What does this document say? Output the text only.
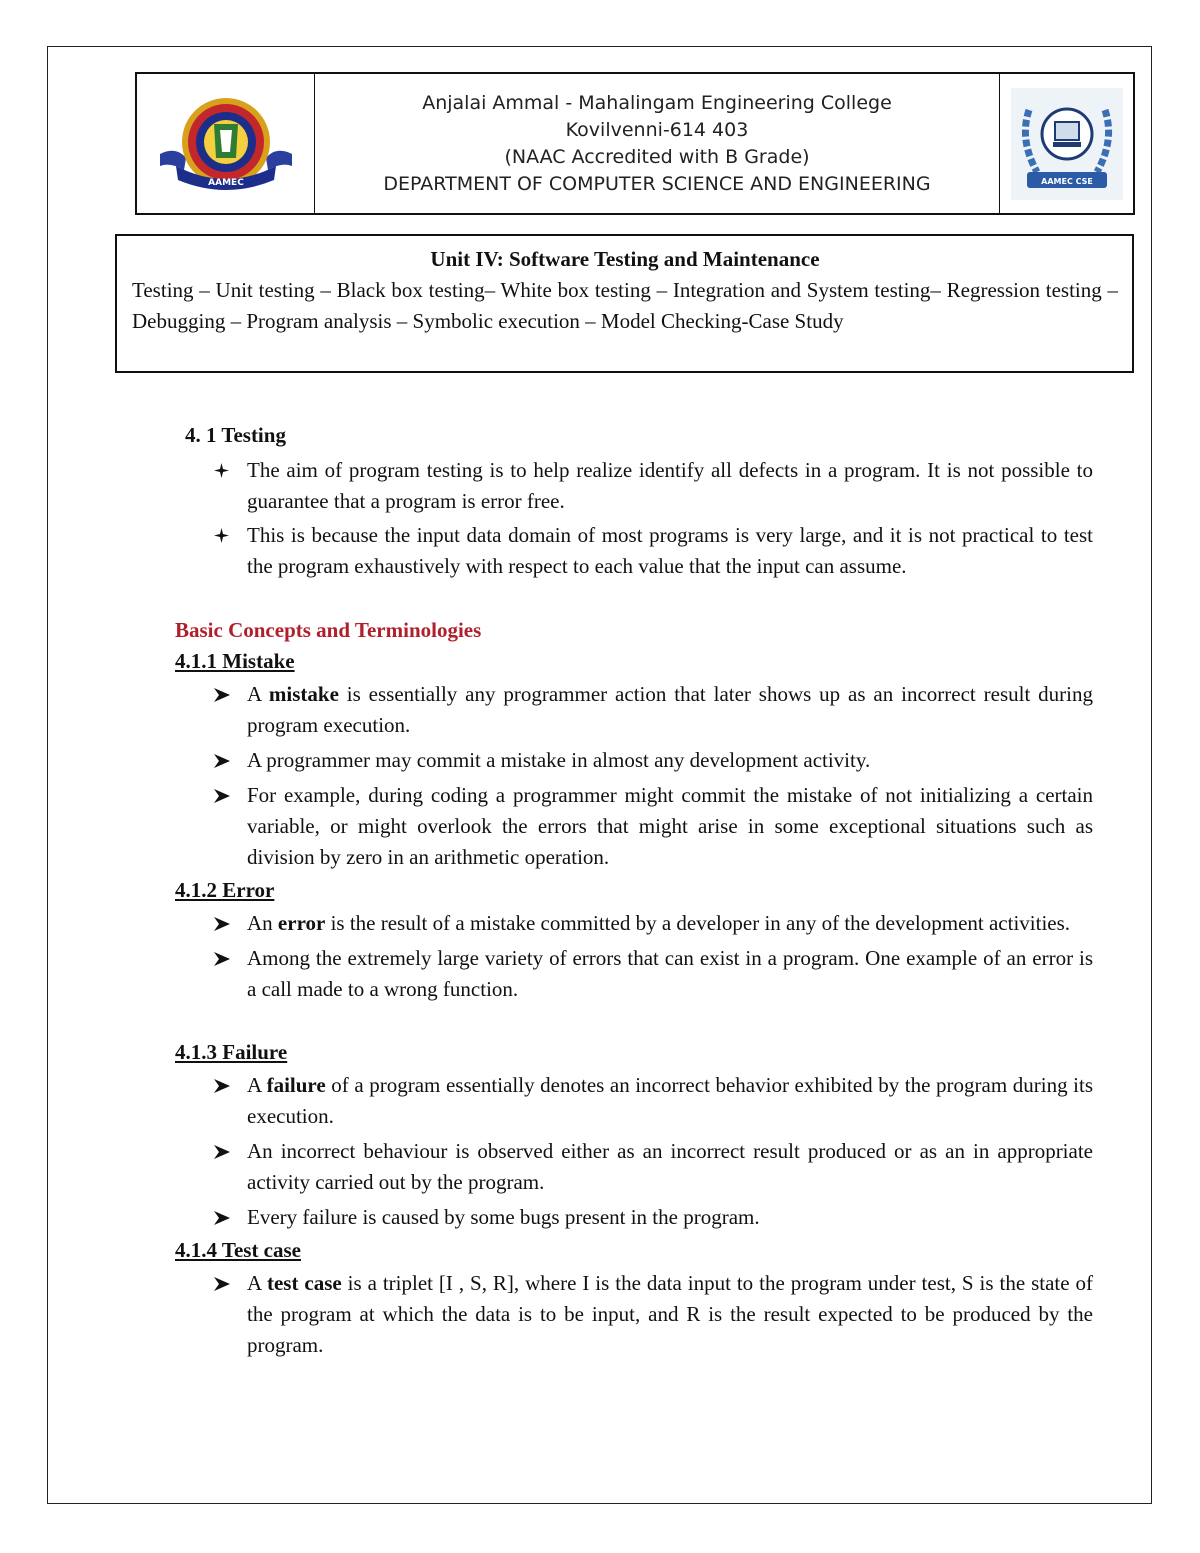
AAMEC
Anjalai Ammal - Mahalingam Engineering College
Kovilvenni-614 403
(NAAC Accredited with B Grade)
DEPARTMENT OF COMPUTER SCIENCE AND ENGINEERING	AAMEC CSE
Unit IV: Software Testing and Maintenance
Testing – Unit testing – Black box testing– White box testing – Integration and System testing– Regression testing – Debugging – Program analysis – Symbolic execution – Model Checking-Case Study
4. 1 Testing
The aim of program testing is to help realize identify all defects in a program. It is not possible to guarantee that a program is error free.
This is because the input data domain of most programs is very large, and it is not practical to test the program exhaustively with respect to each value that the input can assume.
Basic Concepts and Terminologies
4.1.1 Mistake
A mistake is essentially any programmer action that later shows up as an incorrect result during program execution.
A programmer may commit a mistake in almost any development activity.
For example, during coding a programmer might commit the mistake of not initializing a certain variable, or might overlook the errors that might arise in some exceptional situations such as division by zero in an arithmetic operation.
4.1.2 Error
An error is the result of a mistake committed by a developer in any of the development activities.
Among the extremely large variety of errors that can exist in a program. One example of an error is a call made to a wrong function.
4.1.3 Failure
A failure of a program essentially denotes an incorrect behavior exhibited by the program during its execution.
An incorrect behaviour is observed either as an incorrect result produced or as an in appropriate activity carried out by the program.
Every failure is caused by some bugs present in the program.
4.1.4 Test case
A test case is a triplet [I , S, R], where I is the data input to the program under test, S is the state of the program at which the data is to be input, and R is the result expected to be produced by the program.
